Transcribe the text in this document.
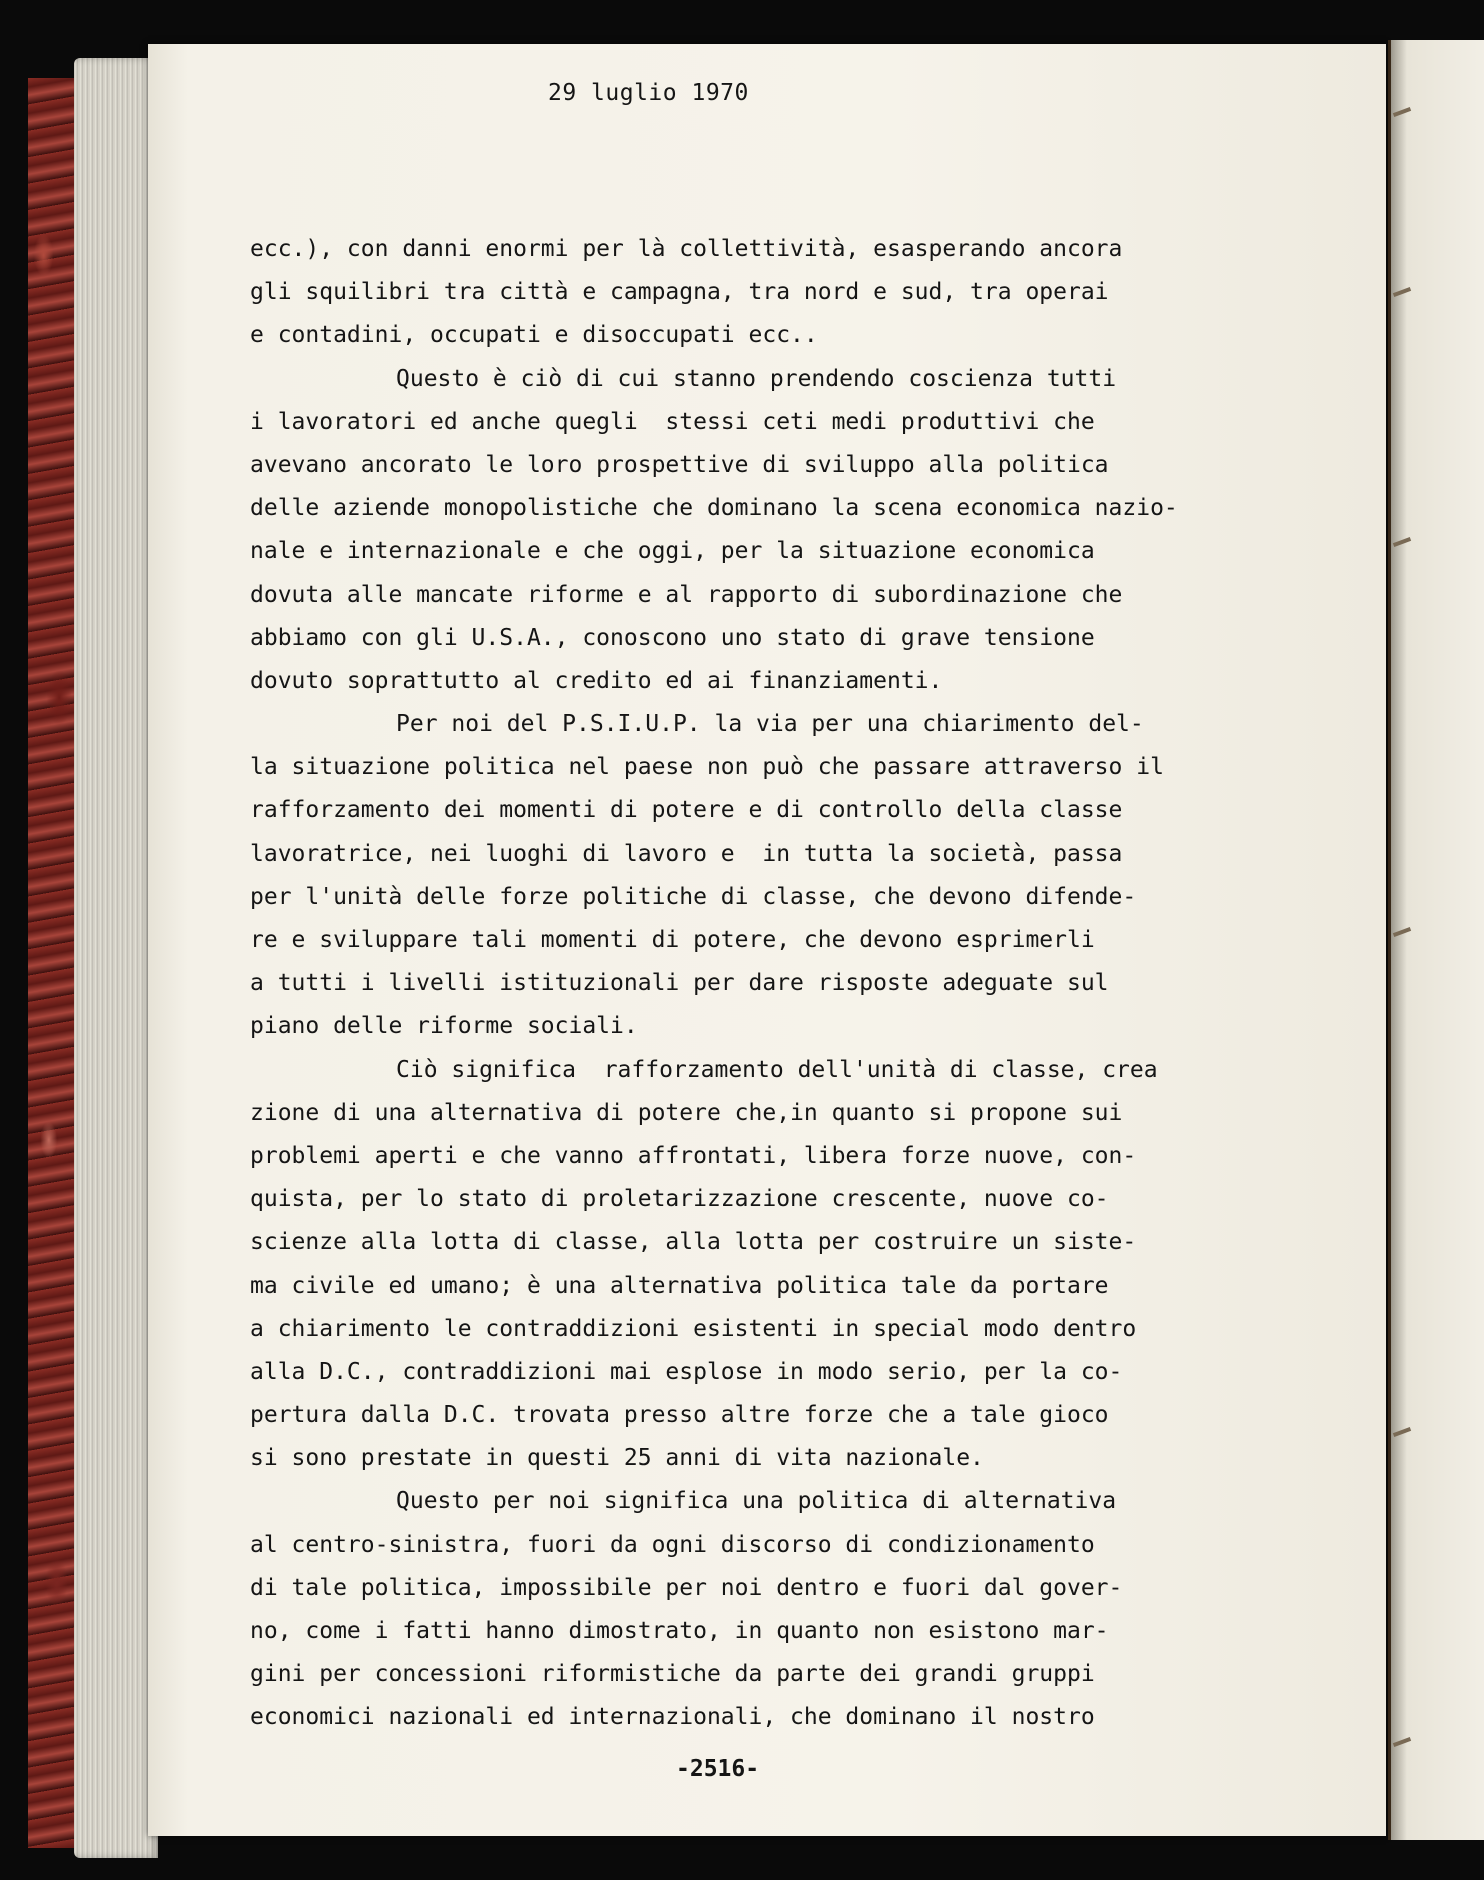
29 luglio 1970
ecc.), con danni enormi per là collettività, esasperando ancora
gli squilibri tra città e campagna, tra nord e sud, tra operai
e contadini, occupati e disoccupati ecc..
Questo è ciò di cui stanno prendendo coscienza tutti
i lavoratori ed anche quegli  stessi ceti medi produttivi che
avevano ancorato le loro prospettive di sviluppo alla politica
delle aziende monopolistiche che dominano la scena economica nazio-
nale e internazionale e che oggi, per la situazione economica
dovuta alle mancate riforme e al rapporto di subordinazione che
abbiamo con gli U.S.A., conoscono uno stato di grave tensione
dovuto soprattutto al credito ed ai finanziamenti.
Per noi del P.S.I.U.P. la via per una chiarimento del-
la situazione politica nel paese non può che passare attraverso il
rafforzamento dei momenti di potere e di controllo della classe
lavoratrice, nei luoghi di lavoro e  in tutta la società, passa
per l'unità delle forze politiche di classe, che devono difende-
re e sviluppare tali momenti di potere, che devono esprimerli
a tutti i livelli istituzionali per dare risposte adeguate sul
piano delle riforme sociali.
Ciò significa  rafforzamento dell'unità di classe, crea
zione di una alternativa di potere che,in quanto si propone sui
problemi aperti e che vanno affrontati, libera forze nuove, con-
quista, per lo stato di proletarizzazione crescente, nuove co-
scienze alla lotta di classe, alla lotta per costruire un siste-
ma civile ed umano; è una alternativa politica tale da portare
a chiarimento le contraddizioni esistenti in special modo dentro
alla D.C., contraddizioni mai esplose in modo serio, per la co-
pertura dalla D.C. trovata presso altre forze che a tale gioco
si sono prestate in questi 25 anni di vita nazionale.
Questo per noi significa una politica di alternativa
al centro-sinistra, fuori da ogni discorso di condizionamento
di tale politica, impossibile per noi dentro e fuori dal gover-
no, come i fatti hanno dimostrato, in quanto non esistono mar-
gini per concessioni riformistiche da parte dei grandi gruppi
economici nazionali ed internazionali, che dominano il nostro
-2516-
